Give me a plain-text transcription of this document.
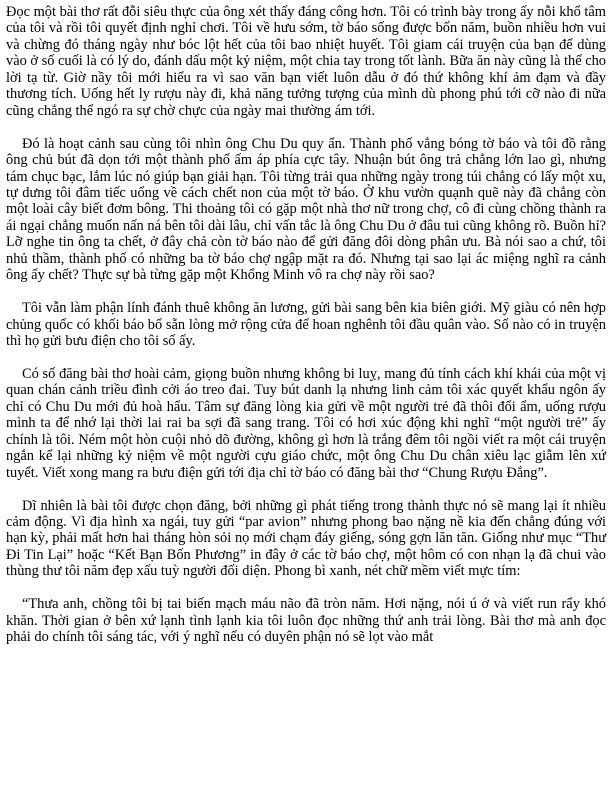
Đọc một bài thơ rất đỗi siêu thực của ông xét thấy đáng công hơn. Tôi có trình bày trong ấy nỗi khổ tâm của tôi và rồi tôi quyết định nghỉ chơi. Tôi về hưu sớm, tờ báo sống được bốn năm, buồn nhiều hơn vui và chừng đó tháng ngày như bóc lột hết của tôi bao nhiệt huyết. Tôi giam cái truyện của bạn để dùng vào ở số cuối là có lý do, đánh dấu một kỷ niệm, một chia tay trong tốt lành. Bữa ăn này cũng là thế cho lời tạ từ. Giờ nầy tôi mới hiểu ra vì sao văn bạn viết luôn dẫu ở đó thứ không khí ảm đạm và đầy thương tích. Uống hết ly rượu này đi, khả năng tưởng tượng của mình dù phong phú tới cỡ nào đi nữa cũng chẳng thể ngó ra sự chờ chực của ngày mai thường ám tới.

Đó là hoạt cảnh sau cùng tôi nhìn ông Chu Du quy ẩn. Thành phố vắng bóng tờ báo và tôi đồ rằng ông chủ bút đã dọn tới một thành phố ấm áp phía cực tây. Nhuận bút ông trả chẳng lớn lao gì, nhưng tám chục bạc, lắm lúc nó giúp bạn giải hạn. Tôi từng trải qua những ngày trong túi chẳng có lấy một xu, tự dưng tôi đâm tiếc uổng về cách chết non của một tờ báo. Ở khu vườn quạnh quẽ này đã chẳng còn một loài cây biết đơm bông. Thi thoảng tôi có gặp một nhà thơ nữ trong chợ, cô đi cùng chồng thành ra ái ngại chẳng muốn nấn ná bên tôi dài lâu, chỉ vấn tắc là ông Chu Du ở đâu tui cũng không rõ. Buồn hỉ? Lỡ nghe tin ông ta chết, ở đây chả còn tờ báo nào để gửi đăng đôi dòng phân ưu. Bà nói sao a chứ, tôi nhủ thầm, thành phố có những ba tờ báo chợ ngập mặt ra đó. Nhưng tại sao lại ác miệng nghĩ ra cảnh ông ấy chết? Thực sự bà từng gặp một Khổng Minh vô ra chợ này rồi sao?

Tôi vẫn làm phận lính đánh thuê không ăn lương, gửi bài sang bên kia biên giới. Mỹ giàu có nên hợp chủng quốc có khối báo bổ sẵn lòng mở rộng cửa để hoan nghênh tôi đầu quân vào. Số nào có in truyện thì họ gửi bưu điện cho tôi số ấy.

Có số đăng bài thơ hoài cảm, giọng buồn nhưng không bi luỵ, mang đủ tính cách khí khái của một vị quan chán cảnh triều đình cởi áo treo đai. Tuy bút danh lạ nhưng linh cảm tôi xác quyết khẩu ngôn ấy chỉ có Chu Du mới đủ hoà hẩu. Tâm sự đăng lòng kia gửi về một người trẻ đã thôi đổi ẩm, uống rượu mình ta để nhớ lại thời lai rai ba sợi đã sang trang. Tôi có hơi xúc động khi nghĩ “một người trẻ” ấy chính là tôi. Ném một hòn cuội nhỏ dõ đường, không gì hơn là trắng đêm tôi ngồi viết ra một cái truyện ngắn kể lại những kỷ niệm về một người cựu giáo chức, một ông Chu Du chân xiêu lạc giẫm lên xứ tuyết. Viết xong mang ra bưu điện gửi tới địa chỉ tờ báo có đăng bài thơ “Chung Rượu Đắng”.

Dĩ nhiên là bài tôi được chọn đăng, bởi những gì phát tiếng trong thành thực nó sẽ mang lại ít nhiều cảm động. Vì địa hình xa ngái, tuy gửi “par avion” nhưng phong bao nặng nề kia đến chẳng đúng với hạn kỳ, phải mất hơn hai tháng hòn sỏi nọ mới chạm đáy giếng, sóng gợn lăn tăn. Giống như mục “Thư Đi Tin Lại” hoặc “Kết Bạn Bốn Phương” in đây ở các tờ báo chợ, một hôm có con nhạn lạ đã chui vào thùng thư tôi năm đẹp xấu tuỳ người đối diện. Phong bì xanh, nét chữ mềm viết mực tím:

“Thưa anh, chồng tôi bị tai biến mạch máu não đã tròn năm. Hơi nặng, nói ú ớ và viết run rẩy khó khăn. Thời gian ở bên xứ lạnh tình lạnh kia tôi luôn đọc những thứ anh trải lòng. Bài thơ mà anh đọc phải do chính tôi sáng tác, với ý nghĩ nếu có duyên phận nó sẽ lọt vào mắt
